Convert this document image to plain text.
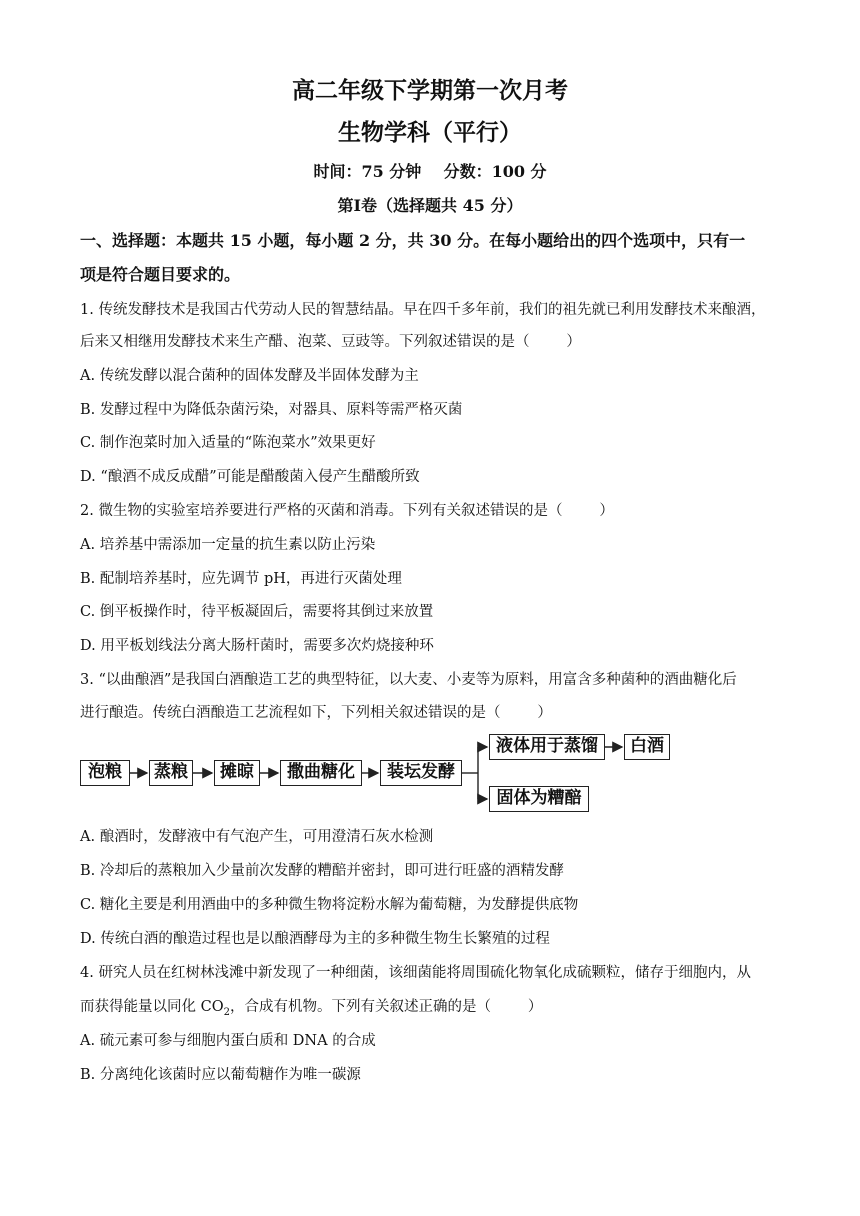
高二年级下学期第一次月考
生物学科（平行）
时间：75 分钟    分数：100 分
第Ⅰ卷（选择题共 45 分）
一、选择题：本题共 15 小题，每小题 2 分，共 30 分。在每小题给出的四个选项中，只有一
项是符合题目要求的。
1. 传统发酵技术是我国古代劳动人民的智慧结晶。早在四千多年前，我们的祖先就已利用发酵技术来酿酒，
后来又相继用发酵技术来生产醋、泡菜、豆豉等。下列叙述错误的是（        ）
A. 传统发酵以混合菌种的固体发酵及半固体发酵为主
B. 发酵过程中为降低杂菌污染，对器具、原料等需严格灭菌
C. 制作泡菜时加入适量的“陈泡菜水”效果更好
D. “酿酒不成反成醋”可能是醋酸菌入侵产生醋酸所致
2. 微生物的实验室培养要进行严格的灭菌和消毒。下列有关叙述错误的是（        ）
A. 培养基中需添加一定量的抗生素以防止污染
B. 配制培养基时，应先调节 pH，再进行灭菌处理
C. 倒平板操作时，待平板凝固后，需要将其倒过来放置
D. 用平板划线法分离大肠杆菌时，需要多次灼烧接种环
3. “以曲酿酒”是我国白酒酿造工艺的典型特征，以大麦、小麦等为原料，用富含多种菌种的酒曲糖化后
进行酿造。传统白酒酿造工艺流程如下，下列相关叙述错误的是（        ）
泡粮	蒸粮	摊晾	撒曲糖化	装坛发酵
液体用于蒸馏	白酒
固体为糟醅
A. 酿酒时，发酵液中有气泡产生，可用澄清石灰水检测
B. 冷却后的蒸粮加入少量前次发酵的糟醅并密封，即可进行旺盛的酒精发酵
C. 糖化主要是利用酒曲中的多种微生物将淀粉水解为葡萄糖，为发酵提供底物
D. 传统白酒的酿造过程也是以酿酒酵母为主的多种微生物生长繁殖的过程
4. 研究人员在红树林浅滩中新发现了一种细菌，该细菌能将周围硫化物氧化成硫颗粒，储存于细胞内，从
而获得能量以同化 $CO_2$，合成有机物。下列有关叙述正确的是（        ）
A. 硫元素可参与细胞内蛋白质和 DNA 的合成
B. 分离纯化该菌时应以葡萄糖作为唯一碳源
